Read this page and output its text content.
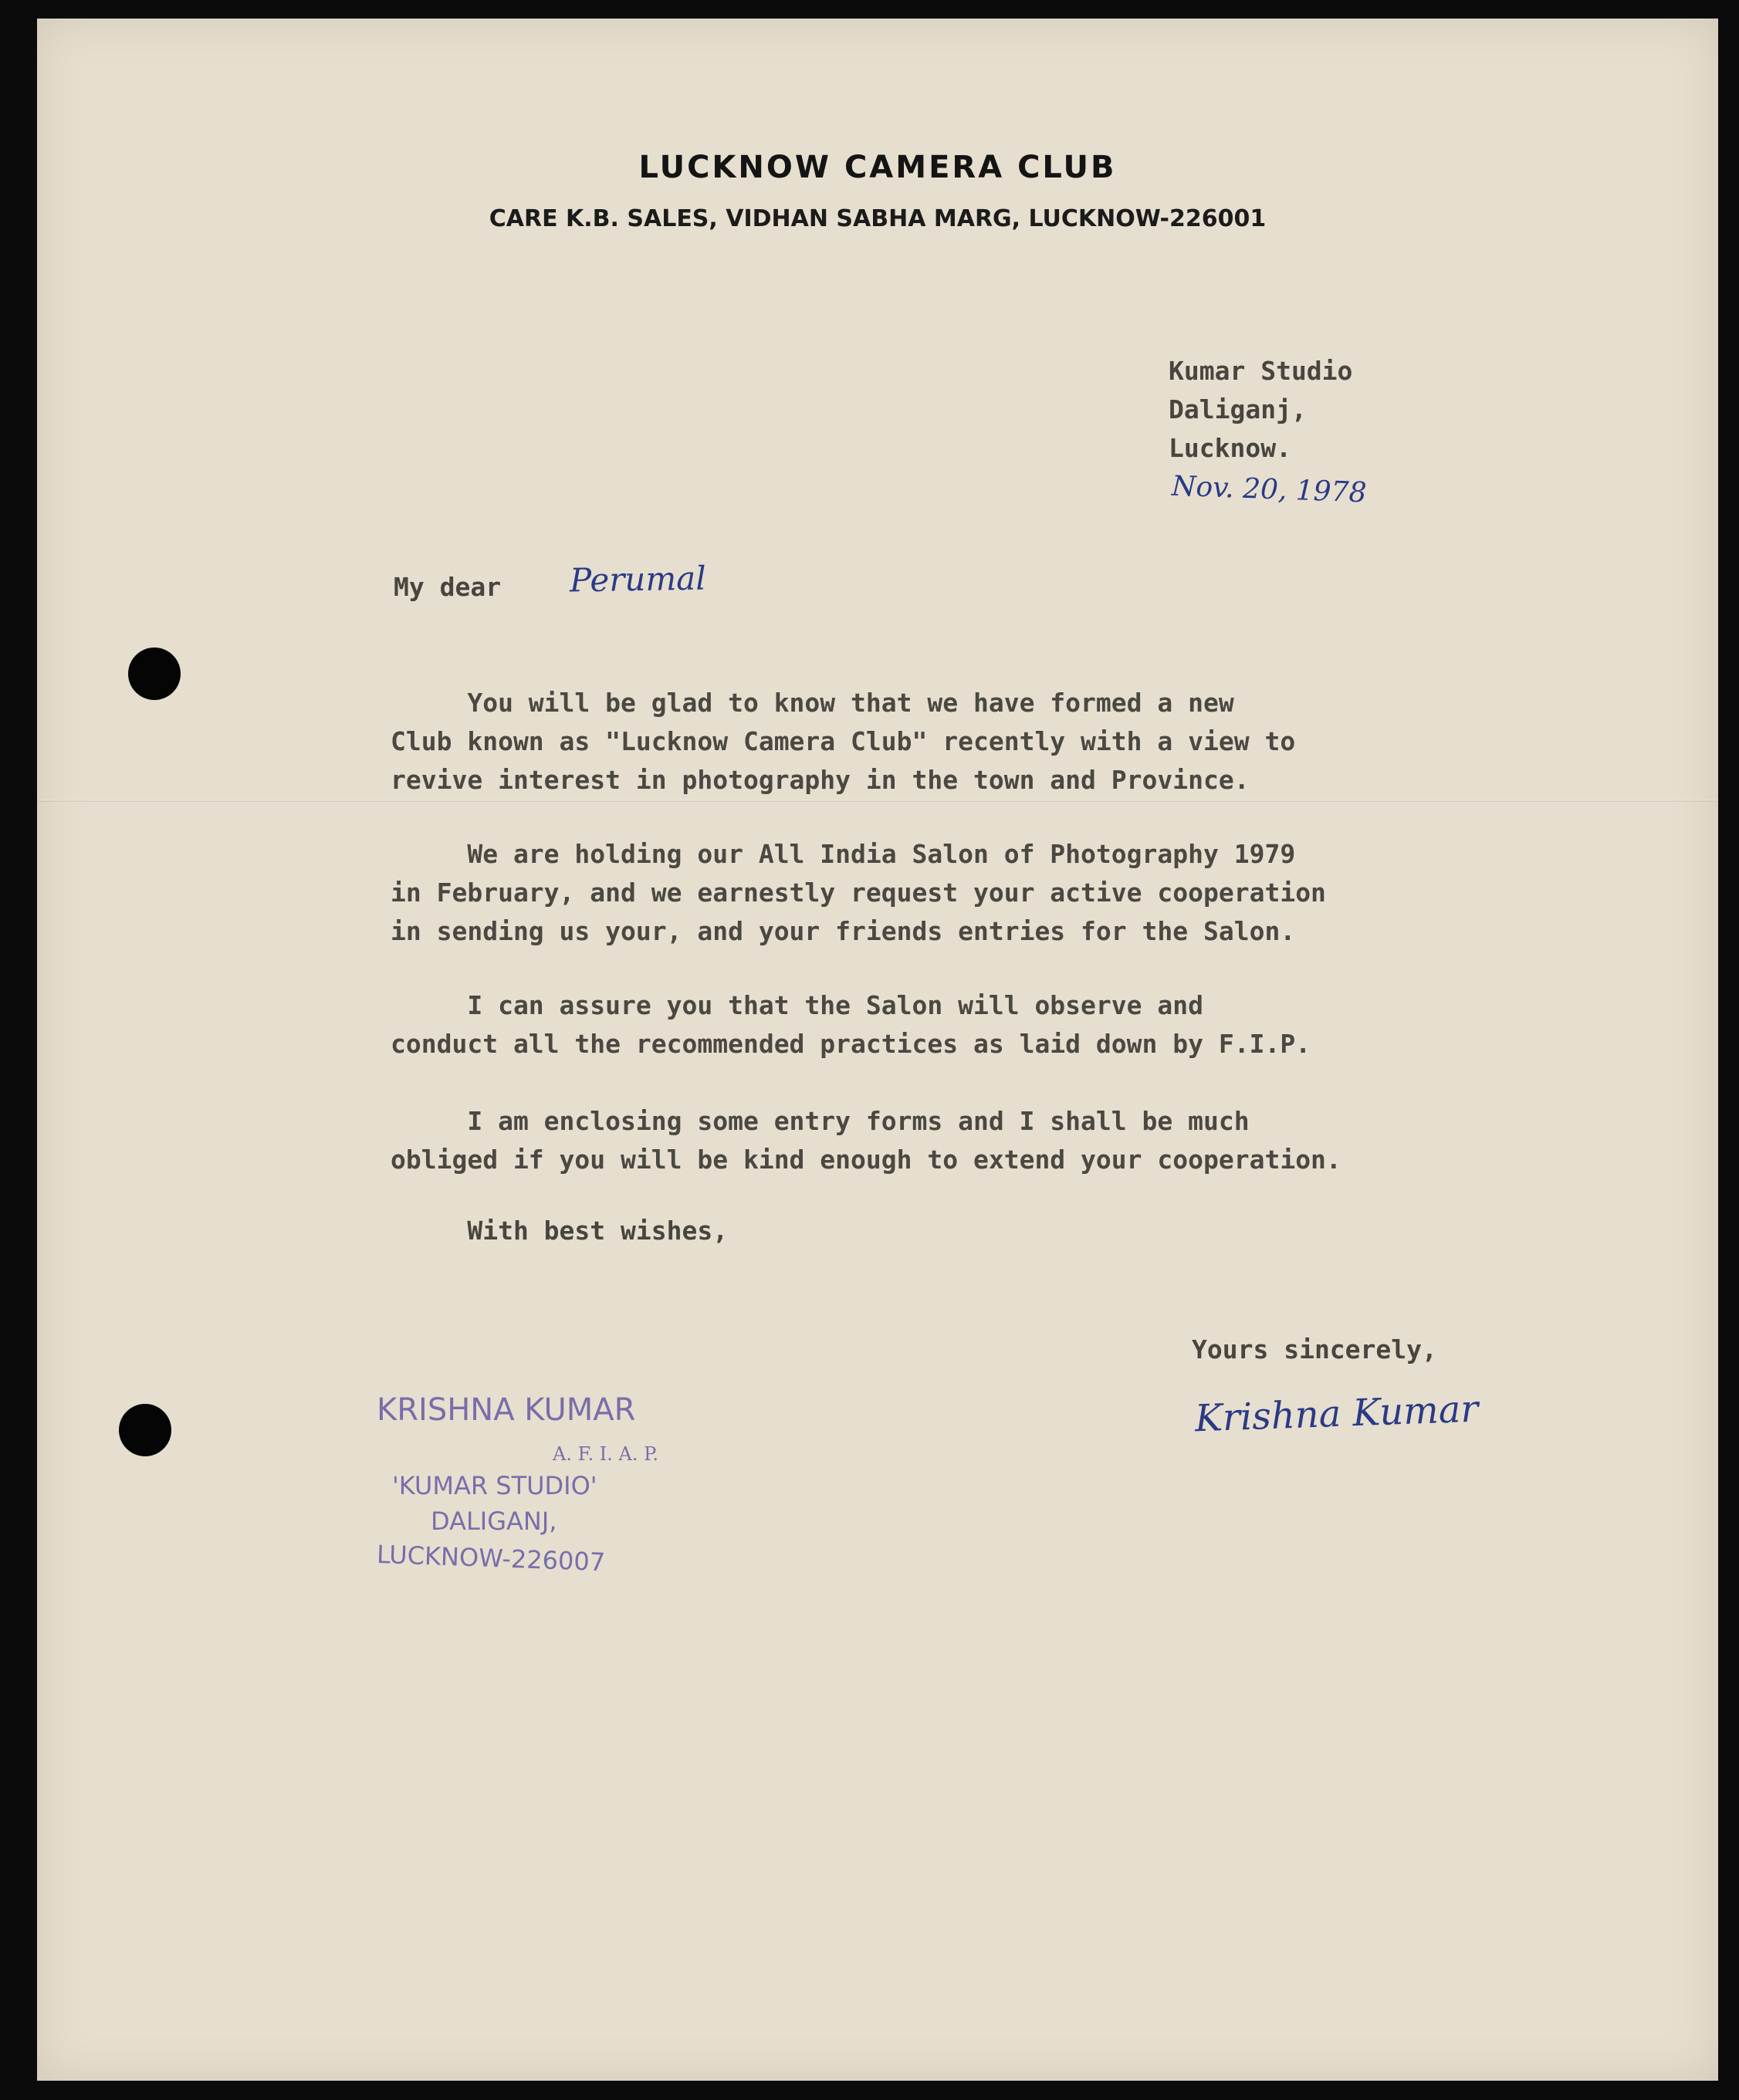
LUCKNOW CAMERA CLUB
CARE K.B. SALES, VIDHAN SABHA MARG, LUCKNOW-226001
Kumar Studio
Daliganj,
Lucknow.
Nov. 20, 1978
My dear Perumal
You will be glad to know that we have formed a new
Club known as "Lucknow Camera Club" recently with a view to
revive interest in photography in the town and Province.
We are holding our All India Salon of Photography 1979
in February, and we earnestly request your active cooperation
in sending us your, and your friends entries for the Salon.
I can assure you that the Salon will observe and
conduct all the recommended practices as laid down by F.I.P.
I am enclosing some entry forms and I shall be much
obliged if you will be kind enough to extend your cooperation.
With best wishes,
Yours sincerely,
Krishna Kumar
KRISHNA KUMAR
A. F. I. A. P.
'KUMAR STUDIO'
DALIGANJ,
LUCKNOW-226007
